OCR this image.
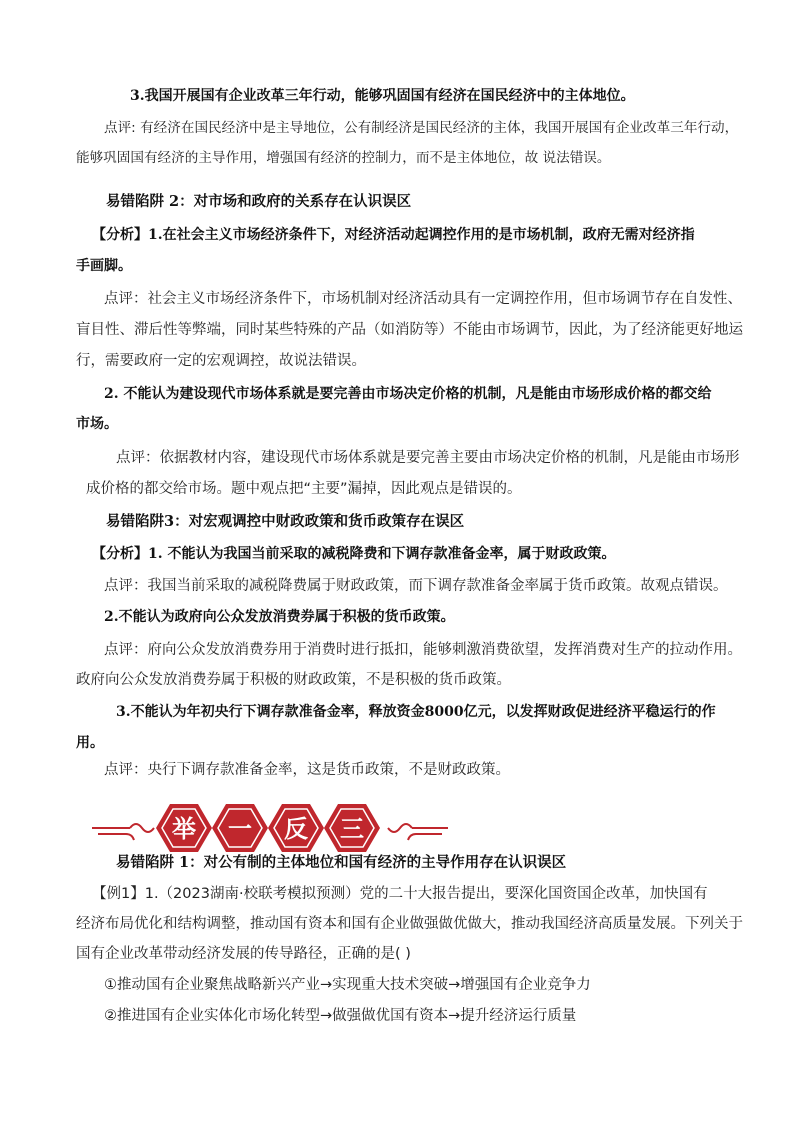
3.我国开展国有企业改革三年行动，能够巩固国有经济在国民经济中的主体地位。
点评: 有经济在国民经济中是主导地位，公有制经济是国民经济的主体，我国开展国有企业改革三年行动，
能够巩固国有经济的主导作用，增强国有经济的控制力，而不是主体地位，故 说法错误。
易错陷阱 2：对市场和政府的关系存在认识误区
【分析】1.在社会主义市场经济条件下，对经济活动起调控作用的是市场机制，政府无需对经济指
手画脚。
点评：社会主义市场经济条件下，市场机制对经济活动具有一定调控作用，但市场调节存在自发性、
盲目性、滞后性等弊端，同时某些特殊的产品（如消防等）不能由市场调节，因此，为了经济能更好地运
行，需要政府一定的宏观调控，故说法错误。
2. 不能认为建设现代市场体系就是要完善由市场决定价格的机制，凡是能由市场形成价格的都交给
市场。
点评：依据教材内容，建设现代市场体系就是要完善主要由市场决定价格的机制，凡是能由市场形
成价格的都交给市场。题中观点把“主要”漏掉，因此观点是错误的。
易错陷阱3：对宏观调控中财政政策和货币政策存在误区
【分析】1. 不能认为我国当前采取的减税降费和下调存款准备金率，属于财政政策。
点评：我国当前采取的减税降费属于财政政策，而下调存款准备金率属于货币政策。故观点错误。
2.不能认为政府向公众发放消费券属于积极的货币政策。
点评：府向公众发放消费券用于消费时进行抵扣，能够刺激消费欲望，发挥消费对生产的拉动作用。
政府向公众发放消费券属于积极的财政政策，不是积极的货币政策。
3.不能认为年初央行下调存款准备金率，释放资金8000亿元，以发挥财政促进经济平稳运行的作
用。
点评：央行下调存款准备金率，这是货币政策，不是财政政策。
举 一 反 三
易错陷阱 1：对公有制的主体地位和国有经济的主导作用存在认识误区
【例1】1.（2023湖南·校联考模拟预测）党的二十大报告提出，要深化国资国企改革，加快国有
经济布局优化和结构调整，推动国有资本和国有企业做强做优做大，推动我国经济高质量发展。下列关于
国有企业改革带动经济发展的传导路径，正确的是( )
①推动国有企业聚焦战略新兴产业→实现重大技术突破→增强国有企业竞争力
②推进国有企业实体化市场化转型→做强做优国有资本→提升经济运行质量
